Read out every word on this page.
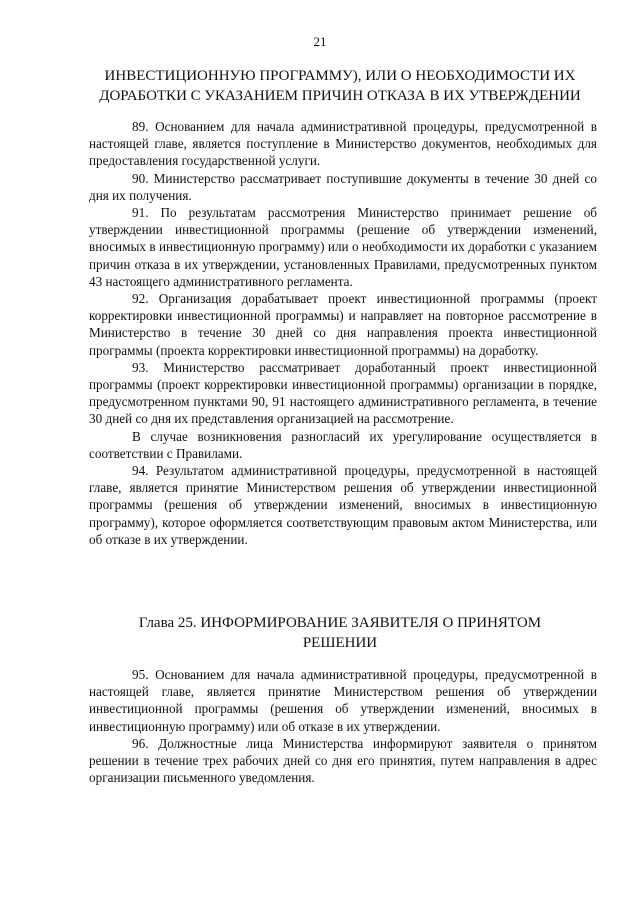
21
ИНВЕСТИЦИОННУЮ ПРОГРАММУ), ИЛИ О НЕОБХОДИМОСТИ ИХ
ДОРАБОТКИ С УКАЗАНИЕМ ПРИЧИН ОТКАЗА В ИХ УТВЕРЖДЕНИИ

89. Основанием для начала административной процедуры, предусмотренной в настоящей главе, является поступление в Министерство документов, необходимых для предоставления государственной услуги.

90. Министерство рассматривает поступившие документы в течение 30 дней со дня их получения.

91. По результатам рассмотрения Министерство принимает решение об утверждении инвестиционной программы (решение об утверждении изменений, вносимых в инвестиционную программу) или о необходимости их доработки с указанием причин отказа в их утверждении, установленных Правилами, предусмотренных пунктом 43 настоящего административного регламента.

92. Организация дорабатывает проект инвестиционной программы (проект корректировки инвестиционной программы) и направляет на повторное рассмотрение в Министерство в течение 30 дней со дня направления проекта инвестиционной программы (проекта корректировки инвестиционной программы) на доработку.

93. Министерство рассматривает доработанный проект инвестиционной программы (проект корректировки инвестиционной программы) организации в порядке, предусмотренном пунктами 90, 91 настоящего административного регламента, в течение 30 дней со дня их представления организацией на рассмотрение.

В случае возникновения разногласий их урегулирование осуществляется в соответствии с Правилами.

94. Результатом административной процедуры, предусмотренной в настоящей главе, является принятие Министерством решения об утверждении инвестиционной программы (решения об утверждении изменений, вносимых в инвестиционную программу), которое оформляется соответствующим правовым актом Министерства, или об отказе в их утверждении.

Глава 25. ИНФОРМИРОВАНИЕ ЗАЯВИТЕЛЯ О ПРИНЯТОМ
РЕШЕНИИ

95. Основанием для начала административной процедуры, предусмотренной в настоящей главе, является принятие Министерством решения об утверждении инвестиционной программы (решения об утверждении изменений, вносимых в инвестиционную программу) или об отказе в их утверждении.

96. Должностные лица Министерства информируют заявителя о принятом решении в течение трех рабочих дней со дня его принятия, путем направления в адрес организации письменного уведомления.
